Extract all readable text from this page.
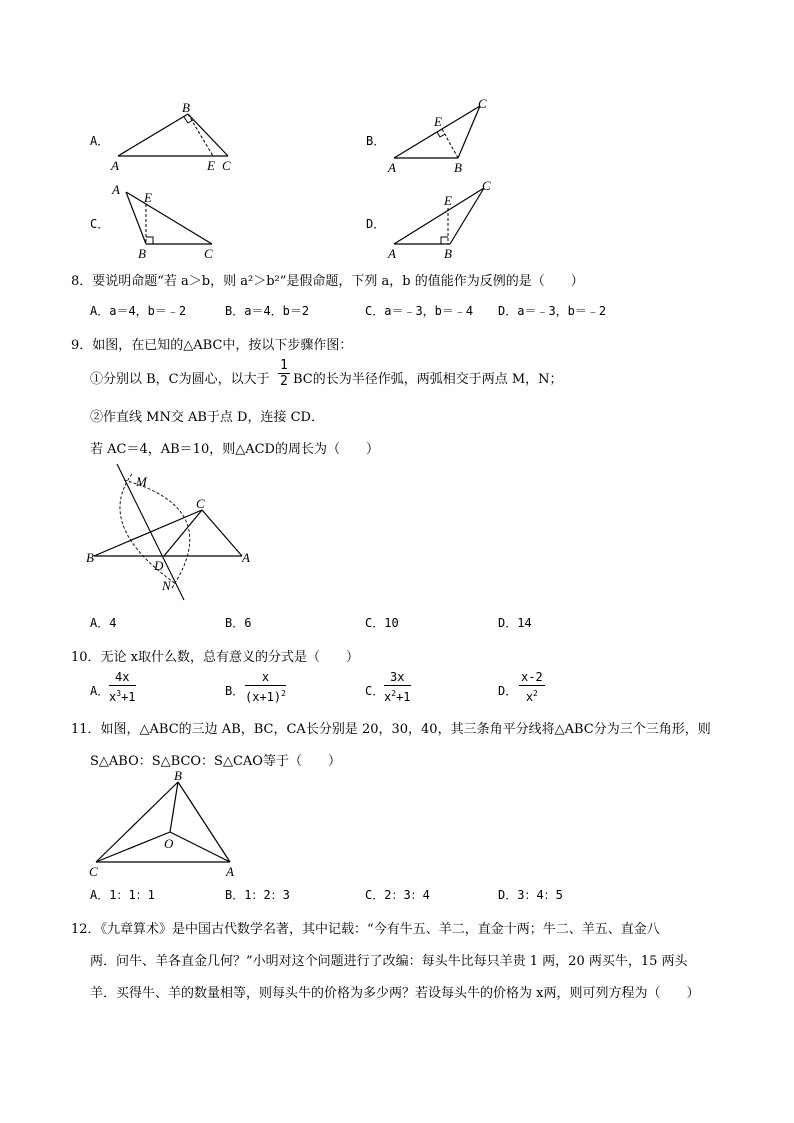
A．
A
B
E C
B．
A	B
E
C
C．
A
E
B	C
D．
A	B
E
C
8．要说明命题“若 a＞b，则 a²＞b²”是假命题，下列 a，b 的值能作为反例的是（　　）
A．a＝4，b＝﹣2	B．a＝4．b＝2	C．a＝﹣3，b＝﹣4 D．a＝﹣3，b＝﹣2
9．如图，在已知的△ABC中，按以下步骤作图：
①分别以 B，C为圆心，以大于 $\frac{1}{2}$ BC的长为半径作弧，两弧相交于两点 M，N；
②作直线 MN交 AB于点 D，连接 CD．
若 AC＝4，AB＝10，则△ACD的周长为（　　）
M
C
B
D
A
N
A．4	B．6	C．10	D．14
10．无论 x取什么数，总有意义的分式是（　　）
A． $\frac{4x}{x^3+1}$	B． $\frac{x}{(x+1)^2}$	C． $\frac{3x}{x^2+1}$	D． $\frac{x-2}{x^2}$
11．如图，△ABC的三边 AB，BC，CA长分别是 20，30，40，其三条角平分线将△ABC分为三个三角形，则
S△ABO：S△BCO：S△CAO等于（　　）
B
O
C	A
A．1：1：1	B．1：2：3	C．2：3：4	D．3：4：5
12．《九章算术》是中国古代数学名著，其中记载：“今有牛五、羊二，直金十两；牛二、羊五、直金八
两．问牛、羊各直金几何？”小明对这个问题进行了改编：每头牛比每只羊贵 1 两，20 两买牛，15 两头
羊．买得牛、羊的数量相等，则每头牛的价格为多少两？若设每头牛的价格为 x两，则可列方程为（　　）
